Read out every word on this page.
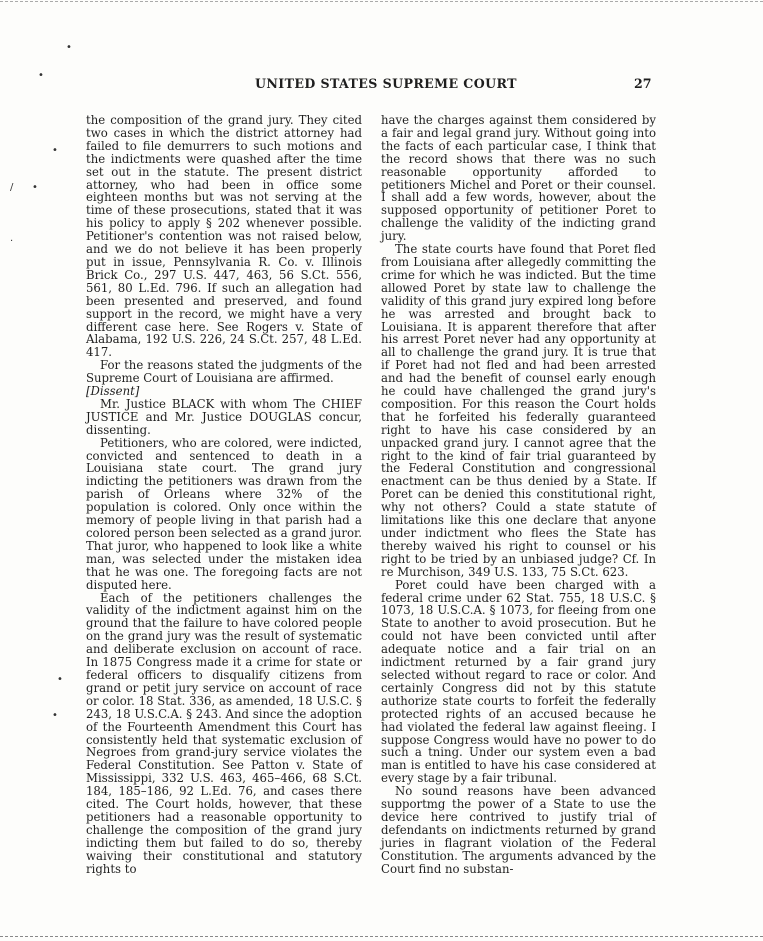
•
•
•
/ •
·
•
•
UNITED STATES SUPREME COURT	27

the composition of the grand jury. They cited two cases in which the district attorney had failed to file demurrers to such motions and the indictments were quashed after the time set out in the statute. The present district attorney, who had been in office some eighteen months but was not serving at the time of these prosecutions, stated that it was his policy to apply § 202 whenever possible. Petitioner's contention was not raised below, and we do not believe it has been properly put in issue, Pennsylvania R. Co. v. Illinois Brick Co., 297 U.S. 447, 463, 56 S.Ct. 556, 561, 80 L.Ed. 796. If such an allegation had been presented and preserved, and found support in the record, we might have a very different case here. See Rogers v. State of Alabama, 192 U.S. 226, 24 S.Ct. 257, 48 L.Ed. 417.

For the reasons stated the judgments of the Supreme Court of Louisiana are affirmed.

[Dissent]

Mr. Justice BLACK with whom The CHIEF JUSTICE and Mr. Justice DOUGLAS concur, dissenting.

Petitioners, who are colored, were indicted, convicted and sentenced to death in a Louisiana state court. The grand jury indicting the petitioners was drawn from the parish of Orleans where 32% of the population is colored. Only once within the memory of people living in that parish had a colored person been selected as a grand juror. That juror, who happened to look like a white man, was selected under the mistaken idea that he was one. The foregoing facts are not disputed here.

Each of the petitioners challenges the validity of the indictment against him on the ground that the failure to have colored people on the grand jury was the result of systematic and deliberate exclusion on account of race. In 1875 Congress made it a crime for state or federal officers to disqualify citizens from grand or petit jury service on account of race or color. 18 Stat. 336, as amended, 18 U.S.C. § 243, 18 U.S.C.A. § 243. And since the adoption of the Fourteenth Amendment this Court has consistently held that systematic exclusion of Negroes from grand-jury service violates the Federal Constitution. See Patton v. State of Mississippi, 332 U.S. 463, 465–466, 68 S.Ct. 184, 185–186, 92 L.Ed. 76, and cases there cited. The Court holds, however, that these petitioners had a reasonable opportunity to challenge the composition of the grand jury indicting them but failed to do so, thereby waiving their constitutional and statutory rights to

have the charges against them considered by a fair and legal grand jury. Without going into the facts of each particular case, I think that the record shows that there was no such reasonable opportunity afforded to petitioners Michel and Poret or their counsel. I shall add a few words, however, about the supposed opportunity of petitioner Poret to challenge the validity of the indicting grand jury.

The state courts have found that Poret fled from Louisiana after allegedly committing the crime for which he was indicted. But the time allowed Poret by state law to challenge the validity of this grand jury expired long before he was arrested and brought back to Louisiana. It is apparent therefore that after his arrest Poret never had any opportunity at all to challenge the grand jury. It is true that if Poret had not fled and had been arrested and had the benefit of counsel early enough he could have challenged the grand jury's composition. For this reason the Court holds that he forfeited his federally guaranteed right to have his case considered by an unpacked grand jury. I cannot agree that the right to the kind of fair trial guaranteed by the Federal Constitution and congressional enactment can be thus denied by a State. If Poret can be denied this constitutional right, why not others? Could a state statute of limitations like this one declare that anyone under indictment who flees the State has thereby waived his right to counsel or his right to be tried by an unbiased judge? Cf. In re Murchison, 349 U.S. 133, 75 S.Ct. 623.

Poret could have been charged with a federal crime under 62 Stat. 755, 18 U.S.C. § 1073, 18 U.S.C.A. § 1073, for fleeing from one State to another to avoid prosecution. But he could not have been convicted until after adequate notice and a fair trial on an indictment returned by a fair grand jury selected without regard to race or color. And certainly Congress did not by this statute authorize state courts to forfeit the federally protected rights of an accused because he had violated the federal law against fleeing. I suppose Congress would have no power to do such a tning. Under our system even a bad man is entitled to have his case considered at every stage by a fair tribunal.

No sound reasons have been advanced supportmg the power of a State to use the device here contrived to justify trial of defendants on indictments returned by grand juries in flagrant violation of the Federal Constitution. The arguments advanced by the Court find no substan-
